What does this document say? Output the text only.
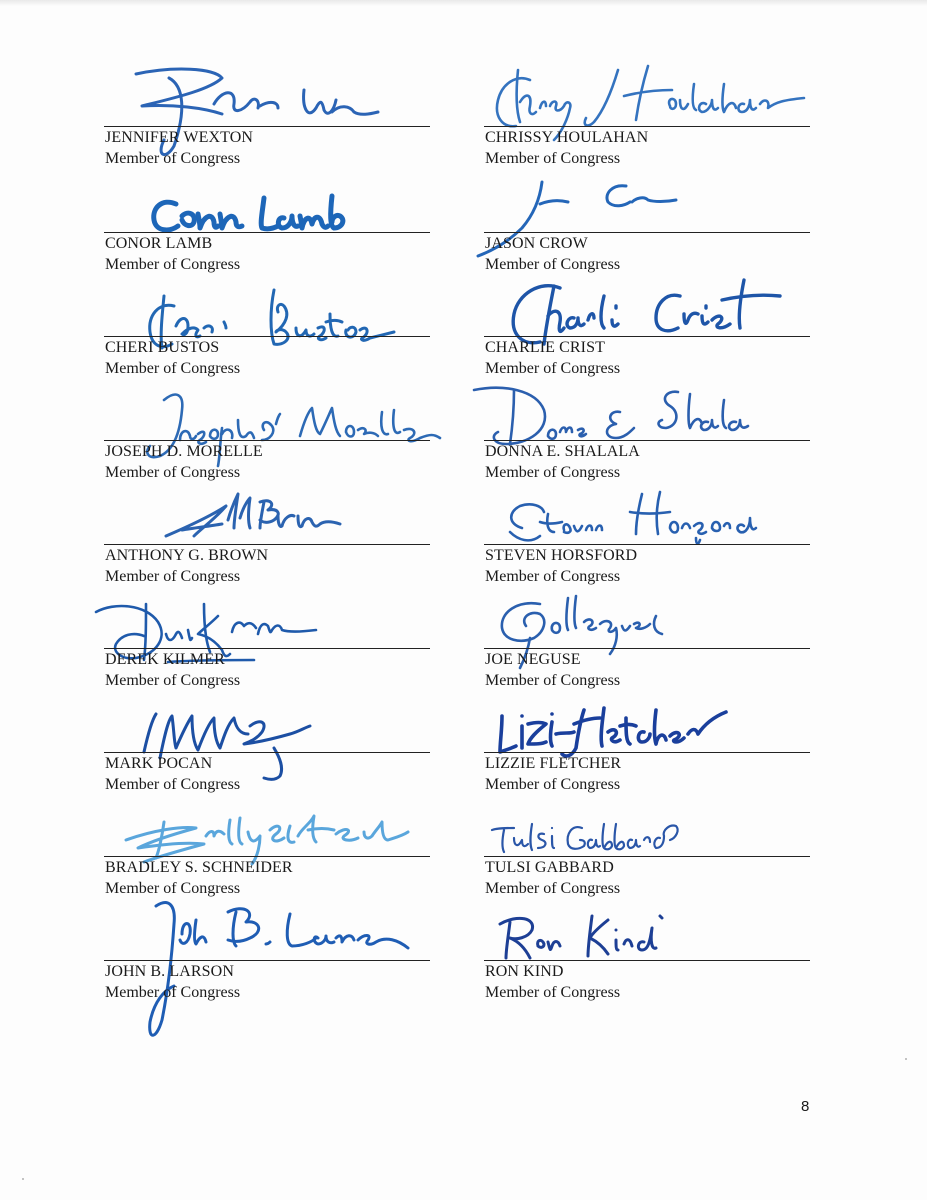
JENNIFER WEXTON
Member of Congress
CONOR LAMB
Member of Congress
CHERI BUSTOS
Member of Congress
JOSEPH D. MORELLE
Member of Congress
ANTHONY G. BROWN
Member of Congress
DEREK KILMER
Member of Congress
MARK POCAN
Member of Congress
BRADLEY S. SCHNEIDER
Member of Congress
JOHN B. LARSON
Member of Congress
CHRISSY HOULAHAN
Member of Congress
JASON CROW
Member of Congress
CHARLIE CRIST
Member of Congress
DONNA E. SHALALA
Member of Congress
STEVEN HORSFORD
Member of Congress
JOE NEGUSE
Member of Congress
LIZZIE FLETCHER
Member of Congress
TULSI GABBARD
Member of Congress
RON KIND
Member of Congress
8
